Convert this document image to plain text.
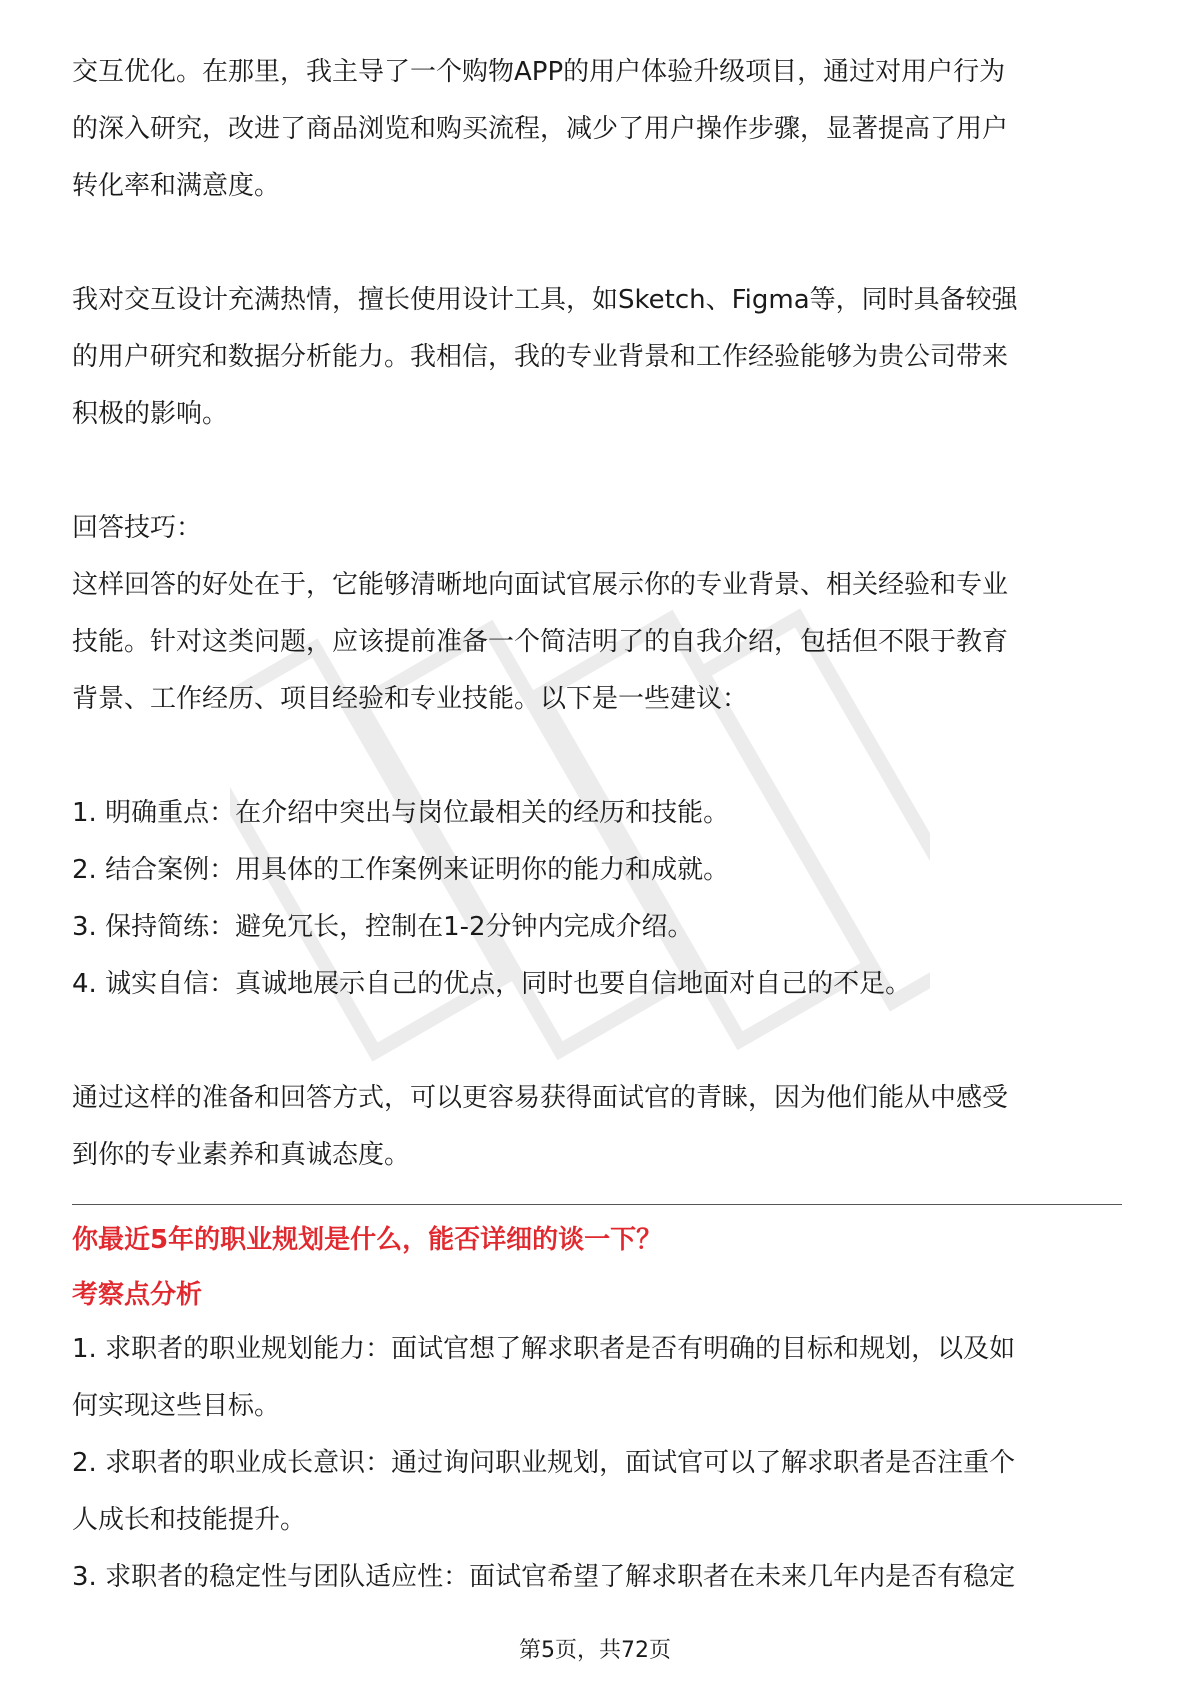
交互优化。在那里，我主导了一个购物APP的用户体验升级项目，通过对用户行为
的深入研究，改进了商品浏览和购买流程，减少了用户操作步骤，显著提高了用户
转化率和满意度。

我对交互设计充满热情，擅长使用设计工具，如Sketch、Figma等，同时具备较强
的用户研究和数据分析能力。我相信，我的专业背景和工作经验能够为贵公司带来
积极的影响。

回答技巧：

这样回答的好处在于，它能够清晰地向面试官展示你的专业背景、相关经验和专业
技能。针对这类问题，应该提前准备一个简洁明了的自我介绍，包括但不限于教育
背景、工作经历、项目经验和专业技能。以下是一些建议：

1. 明确重点：在介绍中突出与岗位最相关的经历和技能。

2. 结合案例：用具体的工作案例来证明你的能力和成就。

3. 保持简练：避免冗长，控制在1-2分钟内完成介绍。

4. 诚实自信：真诚地展示自己的优点，同时也要自信地面对自己的不足。

通过这样的准备和回答方式，可以更容易获得面试官的青睐，因为他们能从中感受
到你的专业素养和真诚态度。

你最近5年的职业规划是什么，能否详细的谈一下？

考察点分析

1. 求职者的职业规划能力：面试官想了解求职者是否有明确的目标和规划，以及如
何实现这些目标。

2. 求职者的职业成长意识：通过询问职业规划，面试官可以了解求职者是否注重个
人成长和技能提升。

3. 求职者的稳定性与团队适应性：面试官希望了解求职者在未来几年内是否有稳定

第5页，共72页
